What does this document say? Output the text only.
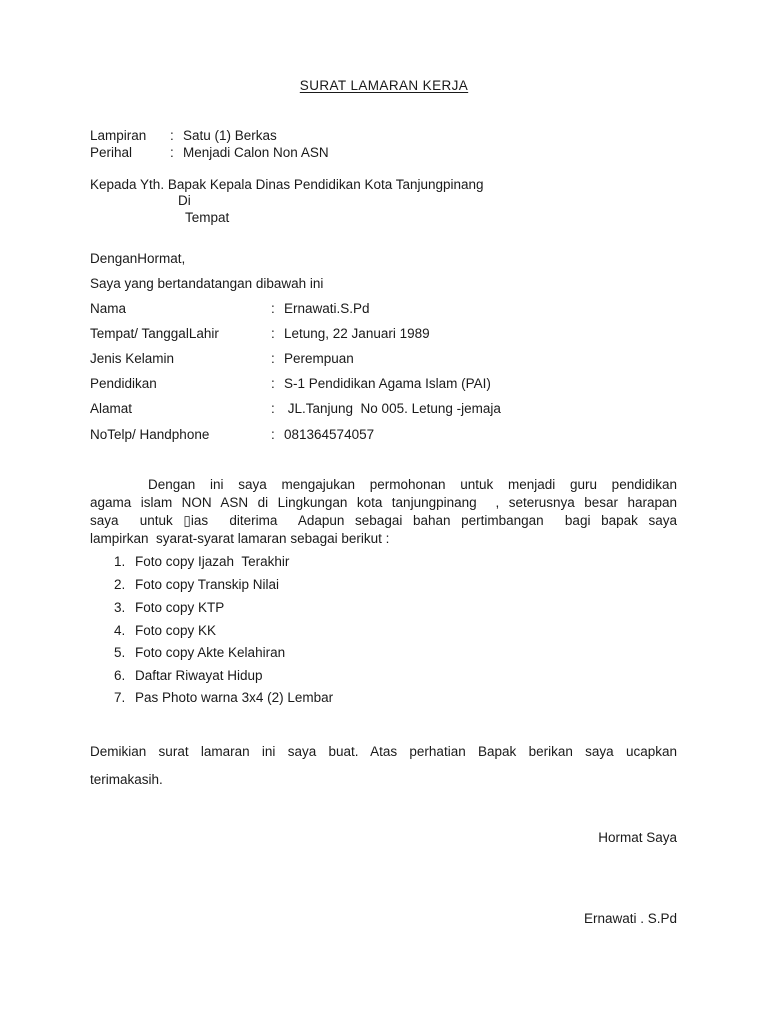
SURAT LAMARAN KERJA
Lampiran : Satu (1) Berkas
Perihal	: Menjadi Calon Non ASN
Kepada Yth. Bapak Kepala Dinas Pendidikan Kota Tanjungpinang
Di
Tempat
DenganHormat,
Saya yang bertandatangan dibawah ini
Nama	: Ernawati.S.Pd
Tempat/ TanggalLahir	: Letung, 22 Januari 1989
Jenis Kelamin	: Perempuan
Pendidikan	: S-1 Pendidikan Agama Islam (PAI)
Alamat	: JL.Tanjung  No 005. Letung -jemaja
NoTelp/ Handphone	: 081364574057
Dengan ini saya mengajukan permohonan untuk menjadi guru pendidikan
agama islam NON ASN di Lingkungan kota tanjungpinang  , seterusnya besar harapan
saya  untuk ▯ias  diterima  Adapun sebagai bahan pertimbangan  bagi bapak saya
lampirkan  syarat-syarat lamaran sebagai berikut :
1. Foto copy Ijazah  Terakhir
2. Foto copy Transkip Nilai
3. Foto copy KTP
4. Foto copy KK
5. Foto copy Akte Kelahiran
6. Daftar Riwayat Hidup
7. Pas Photo warna 3x4 (2) Lembar
Demikian surat lamaran ini saya buat. Atas perhatian Bapak berikan saya ucapkan
terimakasih.
Hormat Saya
Ernawati . S.Pd
